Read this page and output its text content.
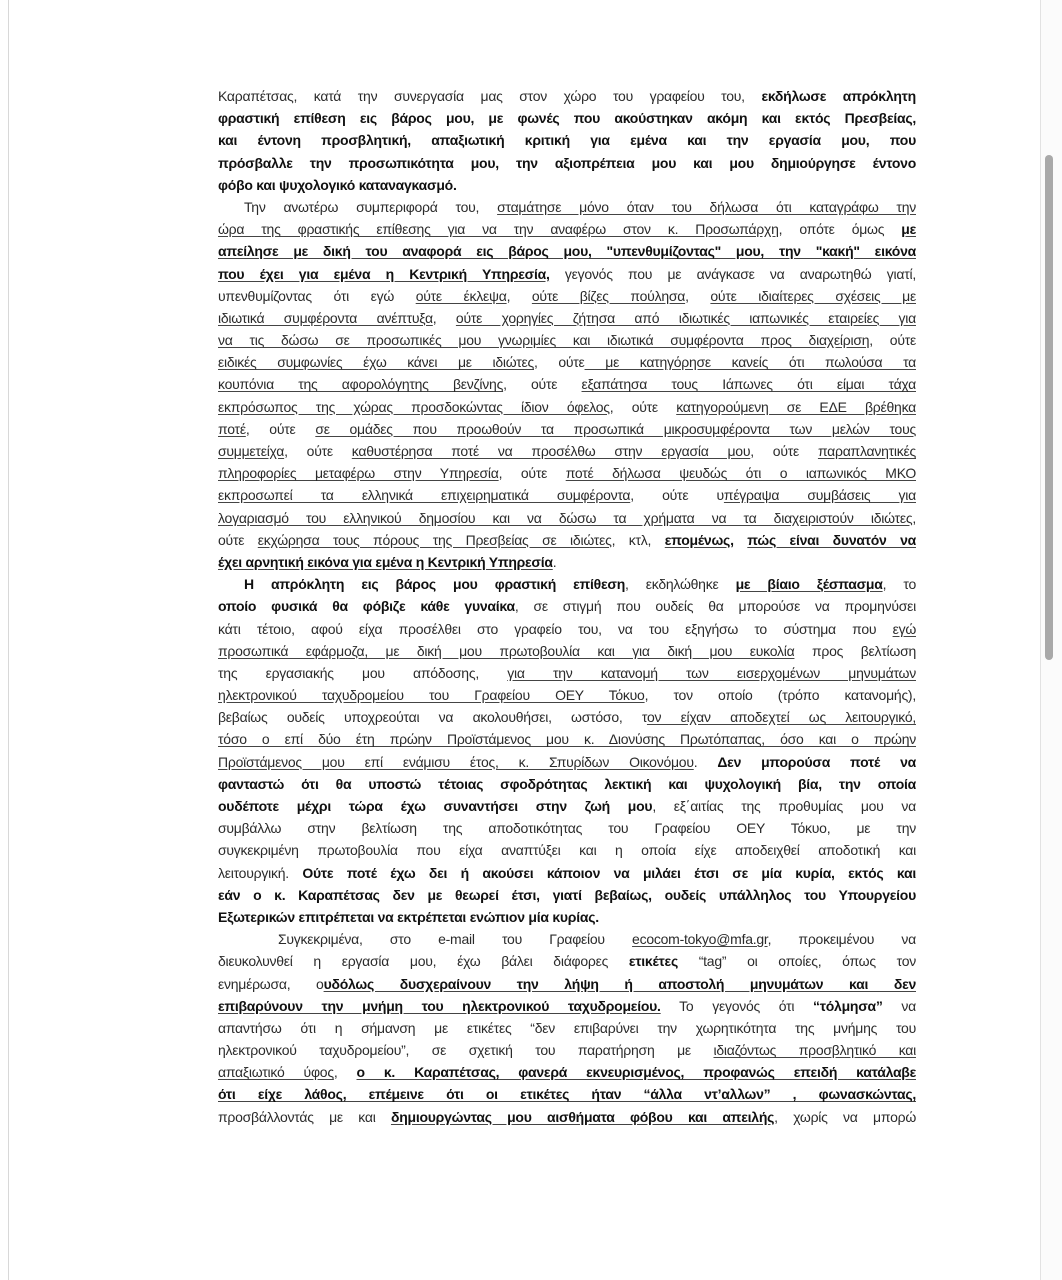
Καραπέτσας, κατά την συνεργασία μας στον χώρο του γραφείου του, εκδήλωσε απρόκλητη
φραστική επίθεση εις βάρος μου, με φωνές που ακούστηκαν ακόμη και εκτός Πρεσβείας,
και έντονη προσβλητική, απαξιωτική κριτική για εμένα και την εργασία μου, που
πρόσβαλλε την προσωπικότητα μου, την αξιοπρέπεια μου και μου δημιούργησε έντονο
φόβο και ψυχολογικό καταναγκασμό.
Την ανωτέρω συμπεριφορά του, σταμάτησε μόνο όταν του δήλωσα ότι καταγράφω την
ώρα της φραστικής επίθεσης για να την αναφέρω στον κ. Προσωπάρχη, οπότε όμως με
απείλησε με δική του αναφορά εις βάρος μου, "υπενθυμίζοντας" μου, την "κακή" εικόνα
που έχει για εμένα η Κεντρική Υπηρεσία, γεγονός που με ανάγκασε να αναρωτηθώ γιατί,
υπενθυμίζοντας ότι εγώ ούτε έκλεψα, ούτε βίζες πούλησα, ούτε ιδιαίτερες σχέσεις με
ιδιωτικά συμφέροντα ανέπτυξα, ούτε χορηγίες ζήτησα από ιδιωτικές ιαπωνικές εταιρείες για
να τις δώσω σε προσωπικές μου γνωριμίες και ιδιωτικά συμφέροντα προς διαχείριση, ούτε
ειδικές συμφωνίες έχω κάνει με ιδιώτες, ούτε με κατηγόρησε κανείς ότι πωλούσα τα
κουπόνια της αφορολόγητης βενζίνης, ούτε εξαπάτησα τους Ιάπωνες ότι είμαι τάχα
εκπρόσωπος της χώρας προσδοκώντας ίδιον όφελος, ούτε κατηγορούμενη σε ΕΔΕ βρέθηκα
ποτέ, ούτε σε ομάδες που προωθούν τα προσωπικά μικροσυμφέροντα των μελών τους
συμμετείχα, ούτε καθυστέρησα ποτέ να προσέλθω στην εργασία μου, ούτε παραπλανητικές
πληροφορίες μεταφέρω στην Υπηρεσία, ούτε ποτέ δήλωσα ψευδώς ότι ο ιαπωνικός ΜΚΟ
εκπροσωπεί τα ελληνικά επιχειρηματικά συμφέροντα, ούτε υπέγραψα συμβάσεις για
λογαριασμό του ελληνικού δημοσίου και να δώσω τα χρήματα να τα διαχειριστούν ιδιώτες,
ούτε εκχώρησα τους πόρους της Πρεσβείας σε ιδιώτες, κτλ, επομένως, πώς είναι δυνατόν να
έχει αρνητική εικόνα για εμένα η Κεντρική Υπηρεσία.
Η απρόκλητη εις βάρος μου φραστική επίθεση, εκδηλώθηκε με βίαιο ξέσπασμα, το
οποίο φυσικά θα φόβιζε κάθε γυναίκα, σε στιγμή που ουδείς θα μπορούσε να προμηνύσει
κάτι τέτοιο, αφού είχα προσέλθει στο γραφείο του, να του εξηγήσω το σύστημα που εγώ
προσωπικά εφάρμοζα, με δική μου πρωτοβουλία και για δική μου ευκολία προς βελτίωση
της εργασιακής μου απόδοσης, για την κατανομή των εισερχομένων μηνυμάτων
ηλεκτρονικού ταχυδρομείου του Γραφείου ΟΕΥ Τόκυο, τον οποίο (τρόπο κατανομής),
βεβαίως ουδείς υποχρεούται να ακολουθήσει, ωστόσο, τον είχαν αποδεχτεί ως λειτουργικό,
τόσο ο επί δύο έτη πρώην Προϊστάμενος μου κ. Διονύσης Πρωτόπαπας, όσο και ο πρώην
Προϊστάμενος μου επί ενάμισυ έτος, κ. Σπυρίδων Οικονόμου. Δεν μπορούσα ποτέ να
φανταστώ ότι θα υποστώ τέτοιας σφοδρότητας λεκτική και ψυχολογική βία, την οποία
ουδέποτε μέχρι τώρα έχω συναντήσει στην ζωή μου, εξ΄αιτίας της προθυμίας μου να
συμβάλλω στην βελτίωση της αποδοτικότητας του Γραφείου ΟΕΥ Τόκυο, με την
συγκεκριμένη πρωτοβουλία που είχα αναπτύξει και η οποία είχε αποδειχθεί αποδοτική και
λειτουργική. Ούτε ποτέ έχω δει ή ακούσει κάποιον να μιλάει έτσι σε μία κυρία, εκτός και
εάν ο κ. Καραπέτσας δεν με θεωρεί έτσι, γιατί βεβαίως, ουδείς υπάλληλος του Υπουργείου
Εξωτερικών επιτρέπεται να εκτρέπεται ενώπιον μία κυρίας.
Συγκεκριμένα, στο e-mail του Γραφείου ecocom-tokyo@mfa.gr, προκειμένου να
διευκολυνθεί η εργασία μου, έχω βάλει διάφορες ετικέτες “tag” οι οποίες, όπως τον
ενημέρωσα, ουδόλως δυσχεραίνουν την λήψη ή αποστολή μηνυμάτων και δεν
επιβαρύνουν την μνήμη του ηλεκτρονικού ταχυδρομείου. Το γεγονός ότι “τόλμησα” να
απαντήσω ότι η σήμανση με ετικέτες “δεν επιβαρύνει την χωρητικότητα της μνήμης του
ηλεκτρονικού ταχυδρομείου”, σε σχετική του παρατήρηση με ιδιαζόντως προσβλητικό και
απαξιωτικό ύφος, ο κ. Καραπέτσας, φανερά εκνευρισμένος, προφανώς επειδή κατάλαβε
ότι είχε λάθος, επέμεινε ότι οι ετικέτες ήταν “άλλα ντ’αλλων” , φωνασκώντας,
προσβάλλοντάς με και δημιουργώντας μου αισθήματα φόβου και απειλής, χωρίς να μπορώ
